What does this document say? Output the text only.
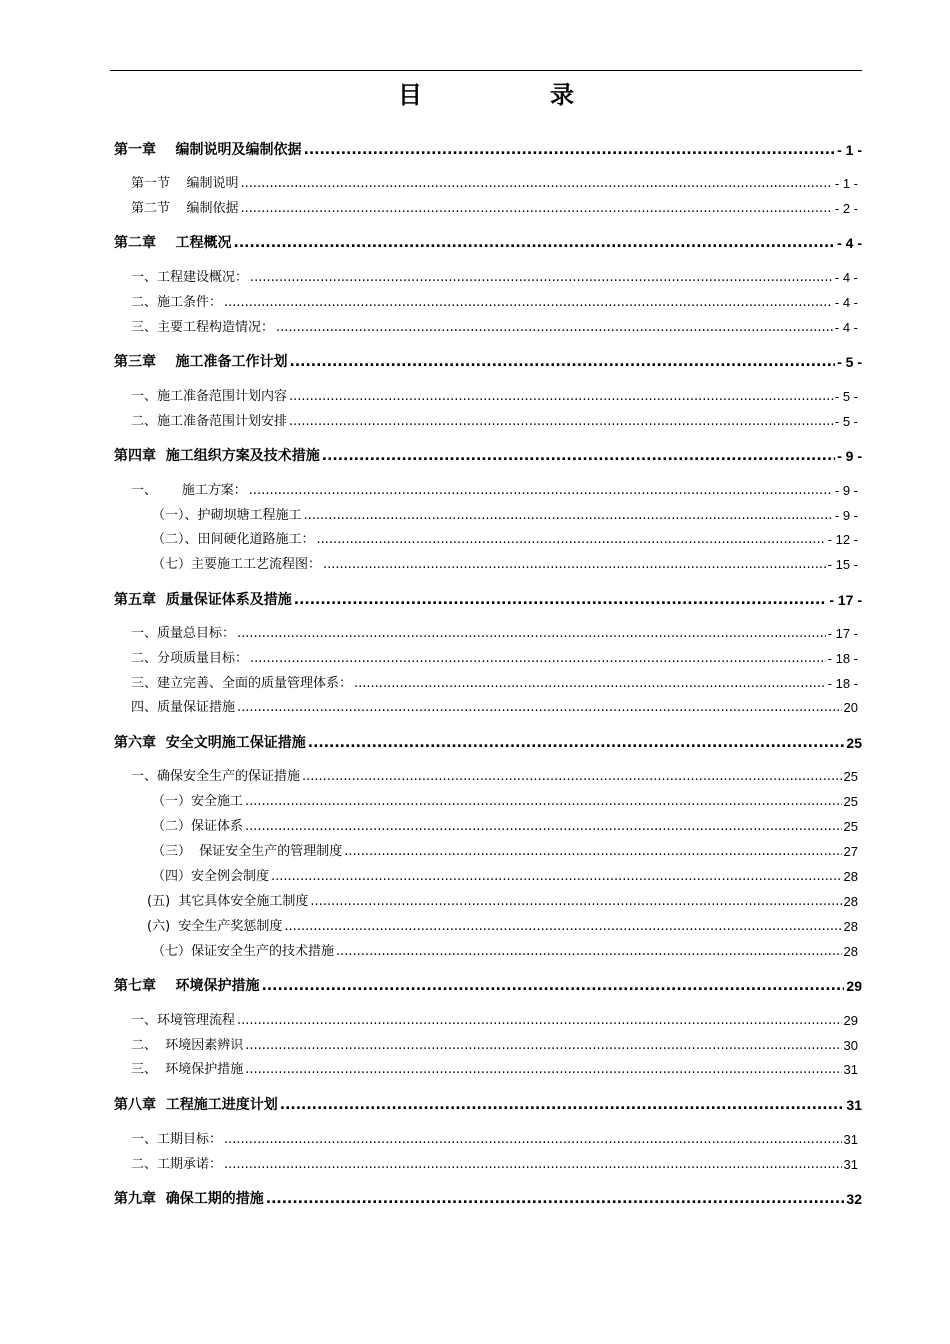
目	录
第一章    编制说明及编制依据 .....	- 1 -
第一节    编制说明 .....	- 1 -
第二节    编制依据 .....	- 2 -
第二章    工程概况 .....	- 4 -
一、工程建设概况： .....	- 4 -
二、施工条件： .....	- 4 -
三、主要工程构造情况： .....	- 4 -
第三章    施工准备工作计划 .....	- 5 -
一、施工准备范围计划内容 .....	- 5 -
二、施工准备范围计划安排 .....	- 5 -
第四章  施工组织方案及技术措施 .....	- 9 -
一、      施工方案： .....	- 9 -
（一）、护砌坝塘工程施工 .....	- 9 -
（二）、田间硬化道路施工： .....	- 12 -
（七）主要施工工艺流程图： .....	- 15 -
第五章  质量保证体系及措施 .....	- 17 -
一、质量总目标： .....	- 17 -
二、分项质量目标： .....	- 18 -
三、建立完善、全面的质量管理体系： .....	- 18 -
四、质量保证措施 .....	20
第六章  安全文明施工保证措施 .....	25
一、确保安全生产的保证措施 .....	25
（一）安全施工 .....	25
（二）保证体系 .....	25
（三）  保证安全生产的管理制度 .....	27
（四）安全例会制度 .....	28
(五)  其它具体安全施工制度 .....	28
(六)  安全生产奖惩制度 .....	28
（七）保证安全生产的技术措施 .....	28
第七章    环境保护措施 .....	29
一、环境管理流程 .....	29
二、  环境因素辨识 .....	30
三、  环境保护措施 .....	31
第八章  工程施工进度计划 .....	31
一、工期目标： .....	31
二、工期承诺： .....	31
第九章  确保工期的措施 .....	32
